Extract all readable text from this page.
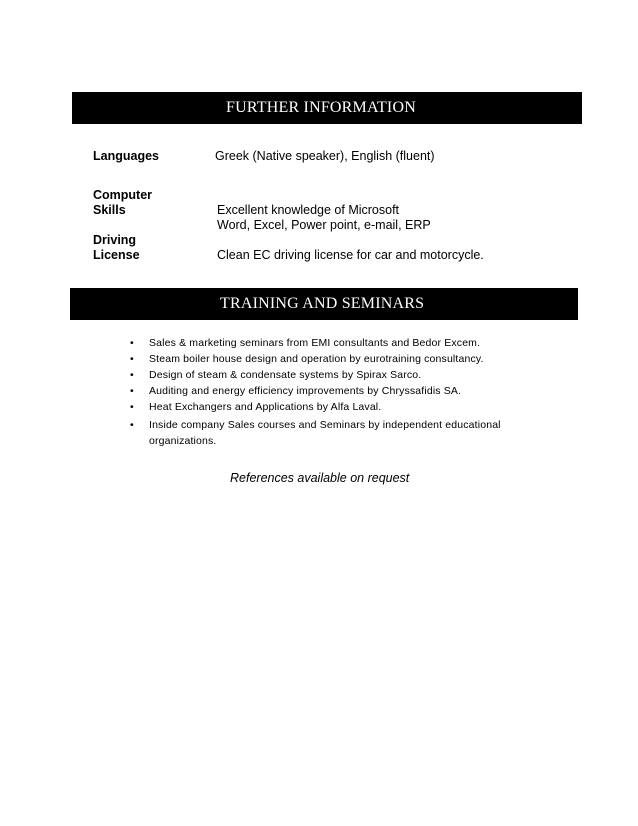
FURTHER INFORMATION
Languages	Greek (Native speaker), English (fluent)
Computer
Skills	Excellent knowledge of Microsoft
Word, Excel, Power point, e-mail, ERP
Driving
License	Clean EC driving license for car and motorcycle.
TRAINING AND SEMINARS
• Sales & marketing seminars from EMI consultants and Bedor Excem.
• Steam boiler house design and operation by eurotraining consultancy.
• Design of steam & condensate systems by Spirax Sarco.
• Auditing and energy efficiency improvements by Chryssafidis SA.
• Heat Exchangers and Applications by Alfa Laval.
• Inside company Sales courses and Seminars by independent educational organizations.
References available on request
